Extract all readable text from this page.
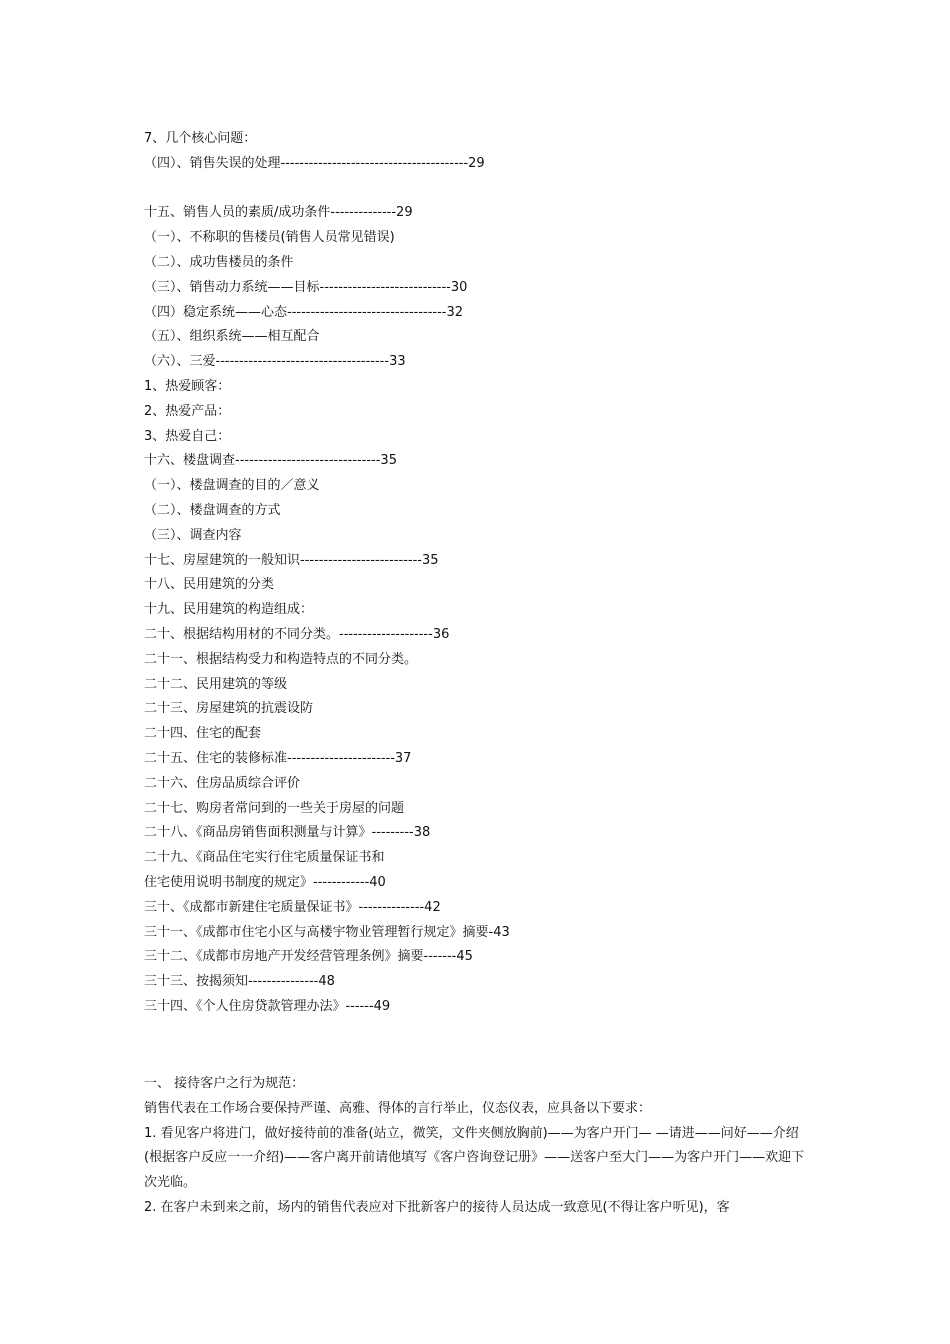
7、几个核心问题：
（四）、销售失误的处理----------------------------------------29
十五、销售人员的素质/成功条件--------------29
（一）、不称职的售楼员(销售人员常见错误)
（二）、成功售楼员的条件
（三）、销售动力系统——目标----------------------------30
（四）稳定系统——心态----------------------------------32
（五）、组织系统——相互配合
（六）、三爱-------------------------------------33
1、热爱顾客：
2、热爱产品：
3、热爱自己：
十六、楼盘调查-------------------------------35
（一）、楼盘调查的目的／意义
（二）、楼盘调查的方式
（三）、调查内容
十七、房屋建筑的一般知识--------------------------35
十八、民用建筑的分类
十九、民用建筑的构造组成：
二十、根据结构用材的不同分类。--------------------36
二十一、根据结构受力和构造特点的不同分类。
二十二、民用建筑的等级
二十三、房屋建筑的抗震设防
二十四、住宅的配套
二十五、住宅的装修标准-----------------------37
二十六、住房品质综合评价
二十七、购房者常问到的一些关于房屋的问题
二十八、《商品房销售面积测量与计算》---------38
二十九、《商品住宅实行住宅质量保证书和
住宅使用说明书制度的规定》------------40
三十、《成都市新建住宅质量保证书》--------------42
三十一、《成都市住宅小区与高楼宇物业管理暂行规定》摘要-43
三十二、《成都市房地产开发经营管理条例》摘要-------45
三十三、按揭须知---------------48
三十四、《个人住房贷款管理办法》------49

一、 接待客户之行为规范：

销售代表在工作场合要保持严谨、高雅、得体的言行举止，仪态仪表，应具备以下要求：

1. 看见客户将进门，做好接待前的准备(站立，微笑，文件夹侧放胸前)——为客户开门— —请进——问好——介绍(根据客户反应一一介绍)——客户离开前请他填写《客户咨询登记册》——送客户至大门——为客户开门——欢迎下次光临。

2. 在客户未到来之前，场内的销售代表应对下批新客户的接待人员达成一致意见(不得让客户听见)，客
